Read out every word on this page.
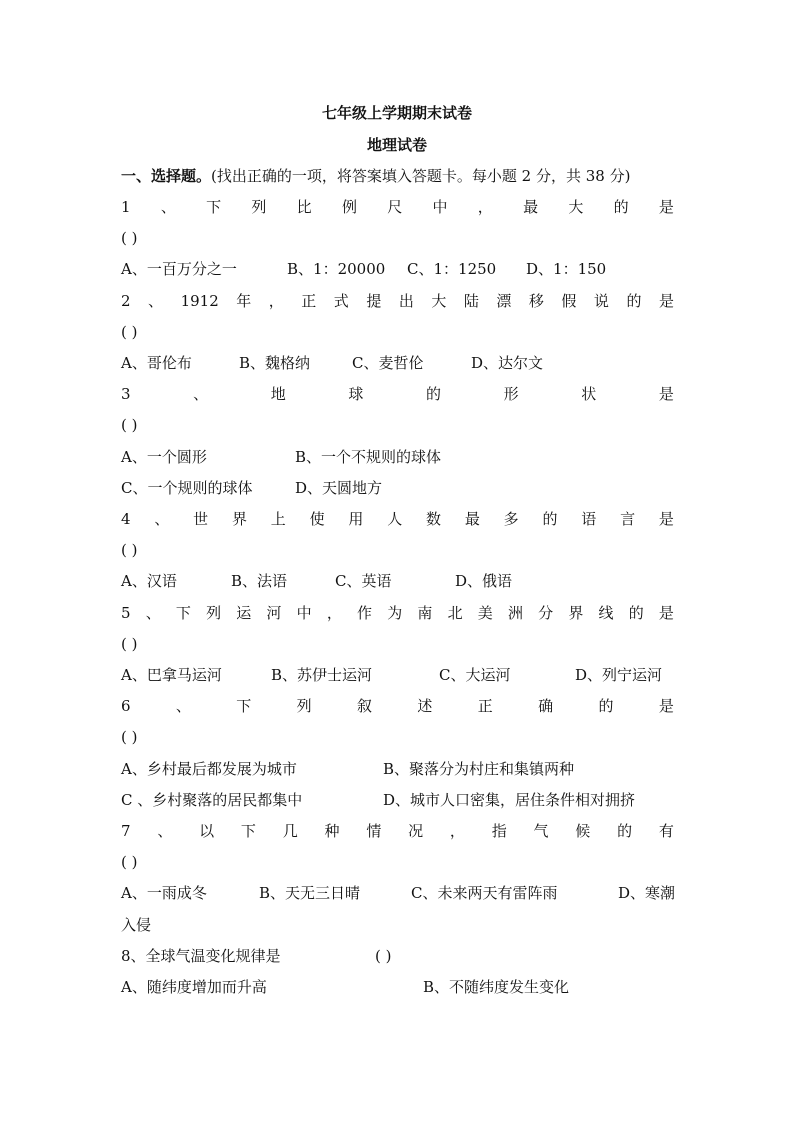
七年级上学期期末试卷
地理试卷
一、选择题。(找出正确的一项，将答案填入答题卡。每小题 2 分，共 38 分)
1 、 下 列 比 例 尺 中 ， 最 大 的 是
( )
A、一百万分之一	B、1：20000 C、1：1250 D、1：150
2 、 1912 年 ， 正 式 提 出 大 陆 漂 移 假 说 的 是
( )
A、哥伦布	B、魏格纳	C、麦哲伦	D、达尔文
3	、	地	球	的	形	状	是
( )
A、一个圆形	B、一个不规则的球体
C、一个规则的球体	D、天圆地方
4 、 世 界 上 使 用 人 数 最 多 的 语 言 是
( )
A、汉语	B、法语	C、英语	D、俄语
5 、 下 列 运 河 中 ， 作 为 南 北 美 洲 分 界 线 的 是
( )
A、巴拿马运河	B、苏伊士运河	C、大运河	D、列宁运河
6	、	下	列	叙	述	正	确	的	是
( )
A、乡村最后都发展为城市	B、聚落分为村庄和集镇两种
C 、乡村聚落的居民都集中	D、城市人口密集，居住条件相对拥挤
7 、 以 下 几 种 情 况 ， 指 气 候 的 有
( )
A、一雨成冬	B、天无三日晴	C、未来两天有雷阵雨	D、寒潮
入侵
8、全球气温变化规律是	( )
A、随纬度增加而升高	B、不随纬度发生变化
